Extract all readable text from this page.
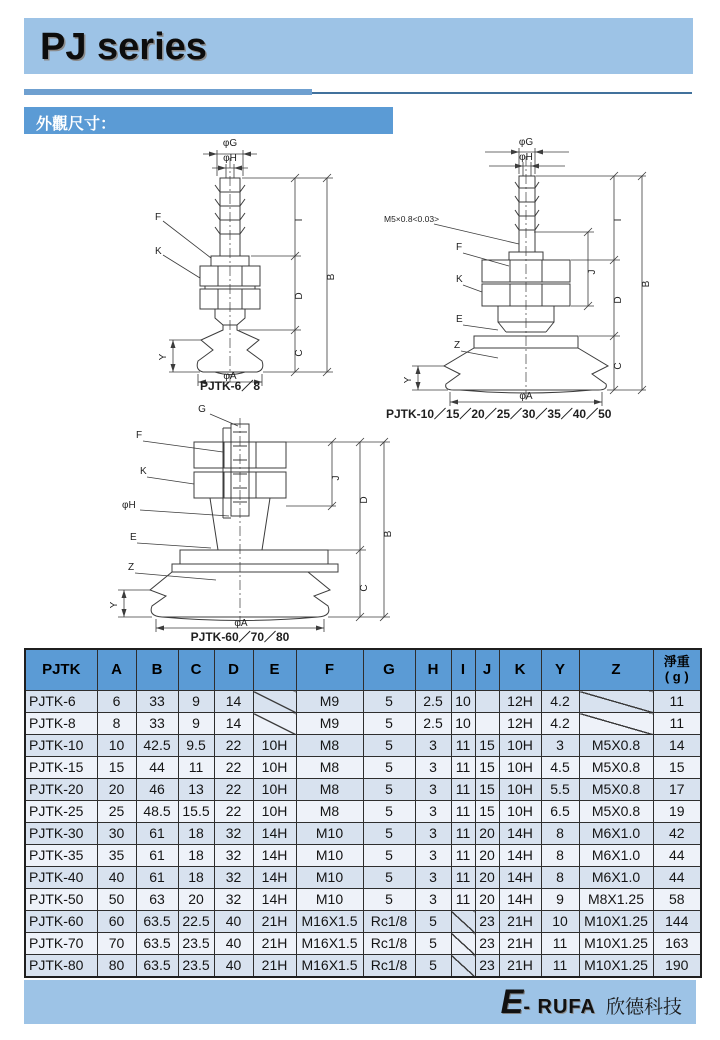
PJ series
外觀尺寸：
φG
φH
F
K
I
D
C
B
Y
φA
PJTK-6／8
φG
φH
M5×0.8<0.03>
F
K
E
Z
I
J
D
B
C
Y
φA
PJTK-10／15／20／25／30／35／40／50
G
F
K
φH
E
Z
J
D
C
B
Y
φA
PJTK-60／70／80
PJTK	A	B	C	D	E	F	G	H	I	J	K	Y	Z	淨重
( g )
PJTK-6	6	33	9	14		M9	5	2.5	10		12H	4.2		11
PJTK-8	8	33	9	14		M9	5	2.5	10		12H	4.2		11
PJTK-10	10	42.5	9.5	22	10H	M8	5	3	11	15	10H	3	M5X0.8	14
PJTK-15	15	44	11	22	10H	M8	5	3	11	15	10H	4.5	M5X0.8	15
PJTK-20	20	46	13	22	10H	M8	5	3	11	15	10H	5.5	M5X0.8	17
PJTK-25	25	48.5	15.5	22	10H	M8	5	3	11	15	10H	6.5	M5X0.8	19
PJTK-30	30	61	18	32	14H	M10	5	3	11	20	14H	8	M6X1.0	42
PJTK-35	35	61	18	32	14H	M10	5	3	11	20	14H	8	M6X1.0	44
PJTK-40	40	61	18	32	14H	M10	5	3	11	20	14H	8	M6X1.0	44
PJTK-50	50	63	20	32	14H	M10	5	3	11	20	14H	9	M8X1.25	58
PJTK-60	60	63.5	22.5	40	21H	M16X1.5	Rc1/8	5		23	21H	10	M10X1.25	144
PJTK-70	70	63.5	23.5	40	21H	M16X1.5	Rc1/8	5		23	21H	11	M10X1.25	163
PJTK-80	80	63.5	23.5	40	21H	M16X1.5	Rc1/8	5		23	21H	11	M10X1.25	190
E - RUFA 欣德科技
